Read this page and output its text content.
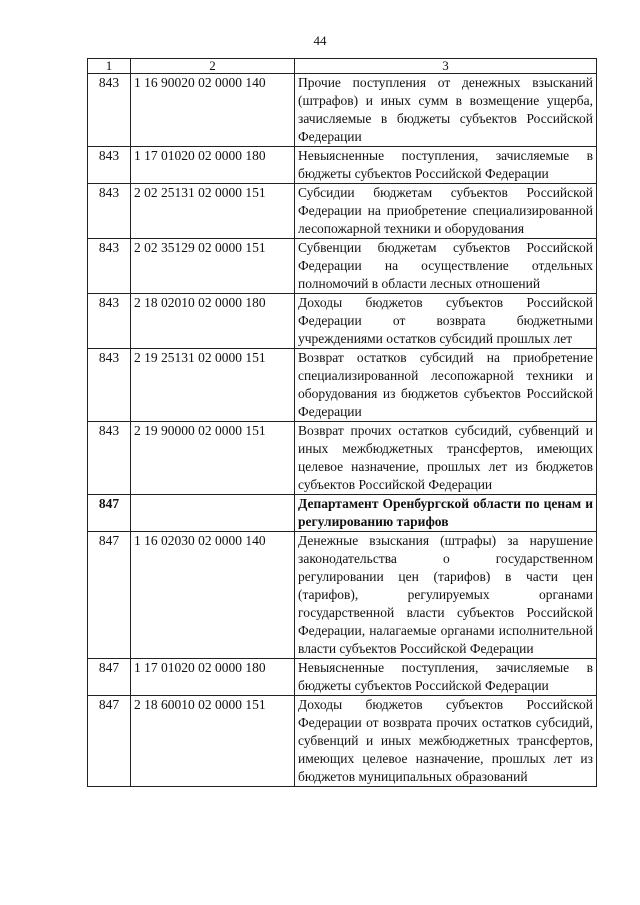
44
1	2	3
843	1 16 90020 02 0000 140	Прочие поступления от денежных взысканий (штрафов) и иных сумм в возмещение ущерба, зачисляемые в бюджеты субъектов Российской Федерации
843	1 17 01020 02 0000 180	Невыясненные поступления, зачисляемые в бюджеты субъектов Российской Федерации
843	2 02 25131 02 0000 151	Субсидии бюджетам субъектов Российской Федерации на приобретение специализированной лесопожарной техники и оборудования
843	2 02 35129 02 0000 151	Субвенции бюджетам субъектов Российской Федерации на осуществление отдельных полномочий в области лесных отношений
843	2 18 02010 02 0000 180	Доходы бюджетов субъектов Российской Федерации от возврата бюджетными учреждениями остатков субсидий прошлых лет
843	2 19 25131 02 0000 151	Возврат остатков субсидий на приобретение специализированной лесопожарной техники и оборудования из бюджетов субъектов Российской Федерации
843	2 19 90000 02 0000 151	Возврат прочих остатков субсидий, субвенций и иных межбюджетных трансфертов, имеющих целевое назначение, прошлых лет из бюджетов субъектов Российской Федерации
847		Департамент Оренбургской области по ценам и регулированию тарифов
847	1 16 02030 02 0000 140	Денежные взыскания (штрафы) за нарушение законодательства о государственном регулировании цен (тарифов) в части цен (тарифов), регулируемых органами государственной власти субъектов Российской Федерации, налагаемые органами исполнительной власти субъектов Российской Федерации
847	1 17 01020 02 0000 180	Невыясненные поступления, зачисляемые в бюджеты субъектов Российской Федерации
847	2 18 60010 02 0000 151	Доходы бюджетов субъектов Российской Федерации от возврата прочих остатков субсидий, субвенций и иных межбюджетных трансфертов, имеющих целевое назначение, прошлых лет из бюджетов муниципальных образований
